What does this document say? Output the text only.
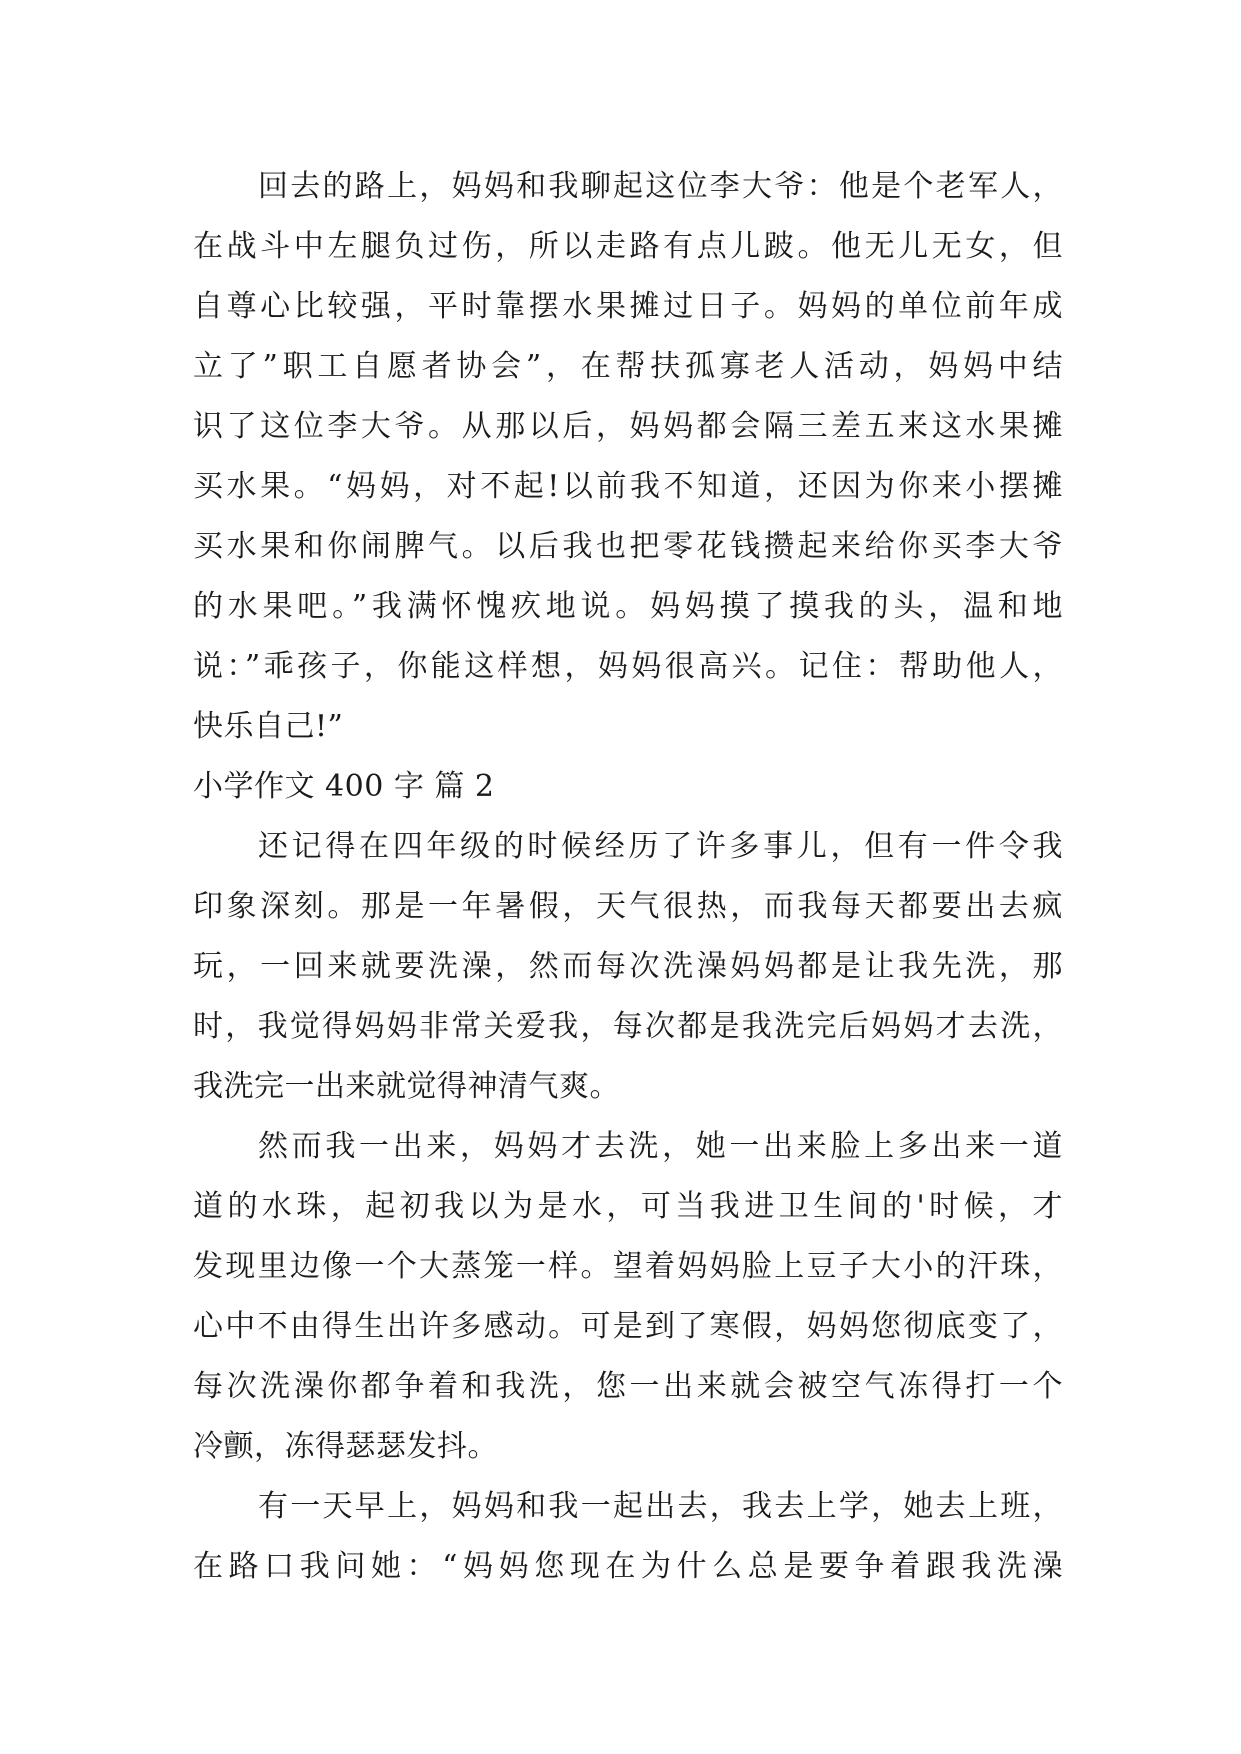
回去的路上，妈妈和我聊起这位李大爷：他是个老军人，
在战斗中左腿负过伤，所以走路有点儿跛。他无儿无女，但
自尊心比较强，平时靠摆水果摊过日子。妈妈的单位前年成
立了”职工自愿者协会”，在帮扶孤寡老人活动，妈妈中结
识了这位李大爷。从那以后，妈妈都会隔三差五来这水果摊
买水果。“妈妈，对不起!以前我不知道，还因为你来小摆摊
买水果和你闹脾气。以后我也把零花钱攒起来给你买李大爷
的水果吧。”我满怀愧疚地说。妈妈摸了摸我的头，温和地
说：”乖孩子，你能这样想，妈妈很高兴。记住：帮助他人，
快乐自己!”
小学作文 400 字 篇 2
还记得在四年级的时候经历了许多事儿，但有一件令我
印象深刻。那是一年暑假，天气很热，而我每天都要出去疯
玩，一回来就要洗澡，然而每次洗澡妈妈都是让我先洗，那
时，我觉得妈妈非常关爱我，每次都是我洗完后妈妈才去洗，
我洗完一出来就觉得神清气爽。
然而我一出来，妈妈才去洗，她一出来脸上多出来一道
道的水珠，起初我以为是水，可当我进卫生间的'时候，才
发现里边像一个大蒸笼一样。望着妈妈脸上豆子大小的汗珠，
心中不由得生出许多感动。可是到了寒假，妈妈您彻底变了，
每次洗澡你都争着和我洗，您一出来就会被空气冻得打一个
冷颤，冻得瑟瑟发抖。
有一天早上，妈妈和我一起出去，我去上学，她去上班，
在路口我问她：“妈妈您现在为什么总是要争着跟我洗澡
